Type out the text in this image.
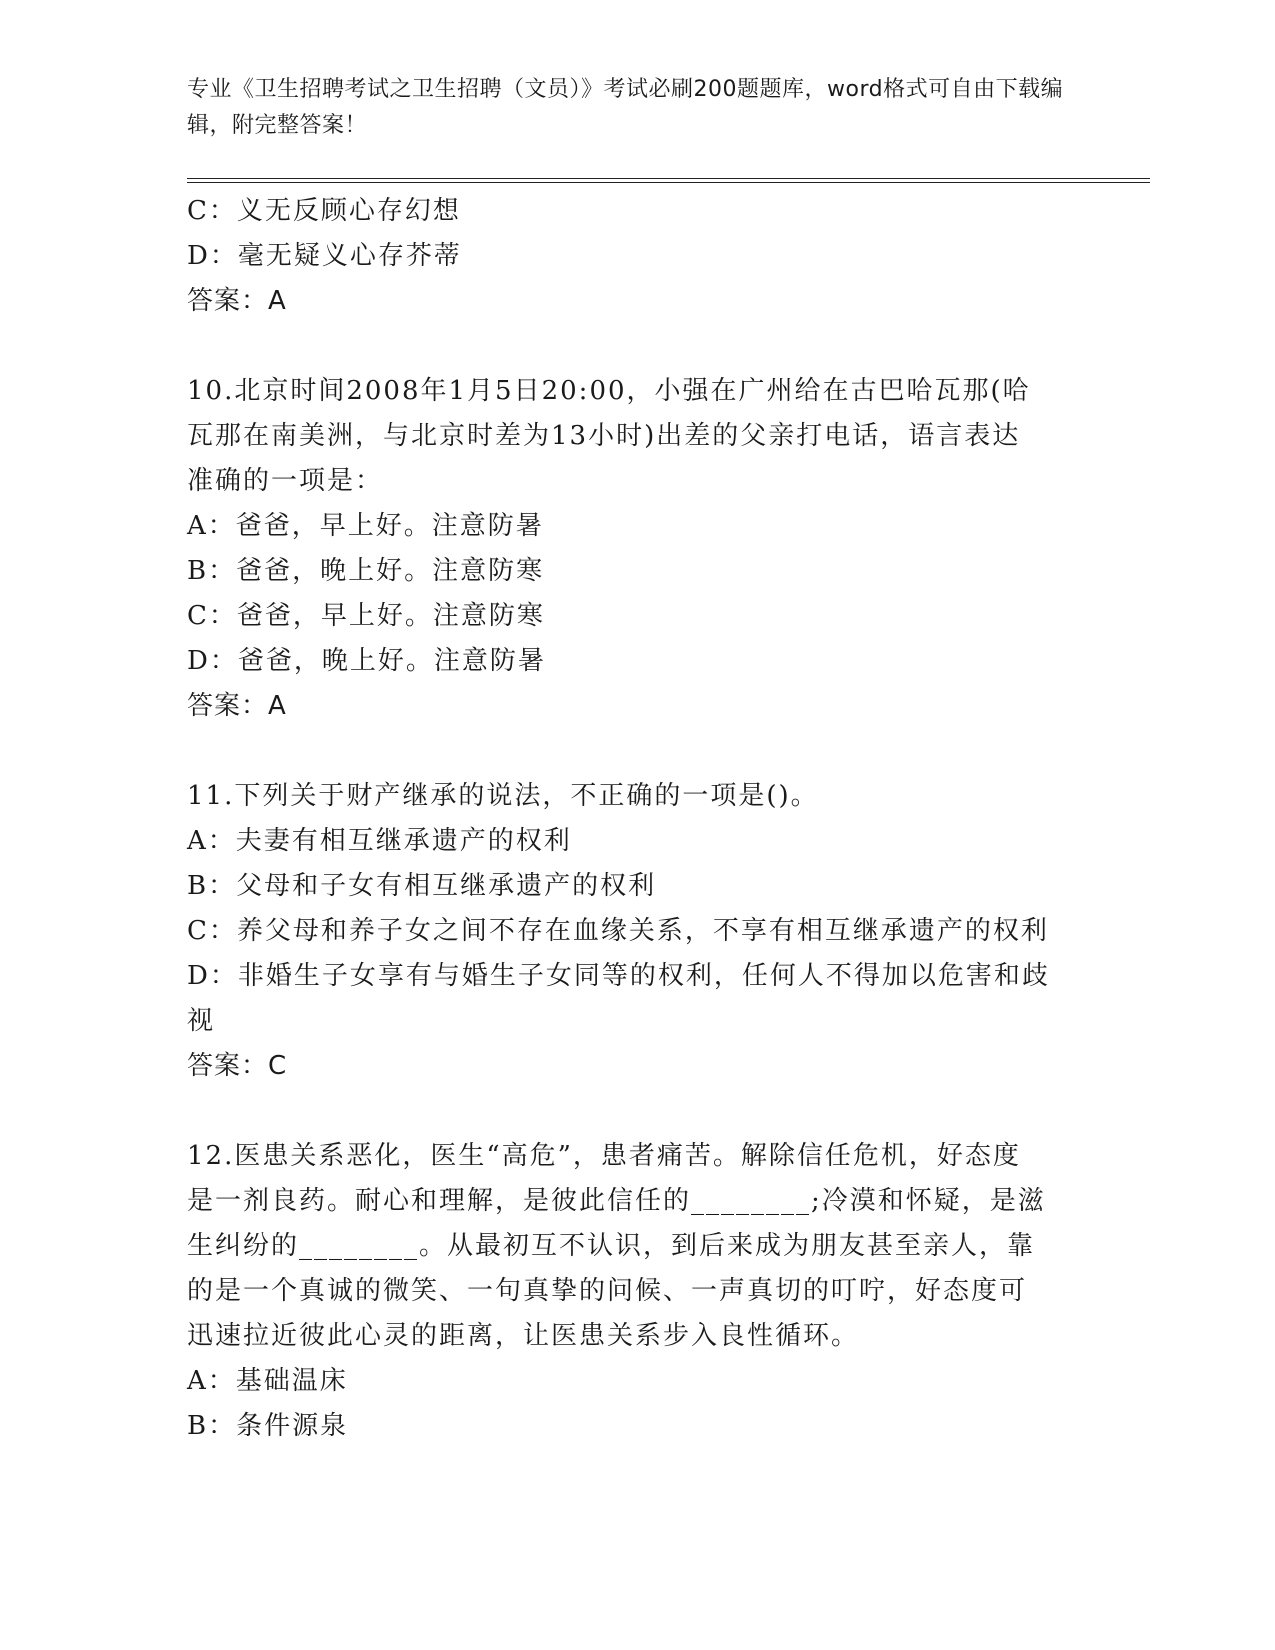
专业《卫生招聘考试之卫生招聘（文员）》考试必刷200题题库，word格式可自由下载编辑，附完整答案！
C：义无反顾心存幻想
D：毫无疑义心存芥蒂
答案：A
10.北京时间2008年1月5日20:00，小强在广州给在古巴哈瓦那(哈
瓦那在南美洲，与北京时差为13小时)出差的父亲打电话，语言表达
准确的一项是：
A：爸爸，早上好。注意防暑
B：爸爸，晚上好。注意防寒
C：爸爸，早上好。注意防寒
D：爸爸，晚上好。注意防暑
答案：A
11.下列关于财产继承的说法，不正确的一项是()。
A：夫妻有相互继承遗产的权利
B：父母和子女有相互继承遗产的权利
C：养父母和养子女之间不存在血缘关系，不享有相互继承遗产的权利
D：非婚生子女享有与婚生子女同等的权利，任何人不得加以危害和歧
视
答案：C
12.医患关系恶化，医生“高危”，患者痛苦。解除信任危机，好态度
是一剂良药。耐心和理解，是彼此信任的________;冷漠和怀疑，是滋
生纠纷的________。从最初互不认识，到后来成为朋友甚至亲人，靠
的是一个真诚的微笑、一句真挚的问候、一声真切的叮咛，好态度可
迅速拉近彼此心灵的距离，让医患关系步入良性循环。
A：基础温床
B：条件源泉
